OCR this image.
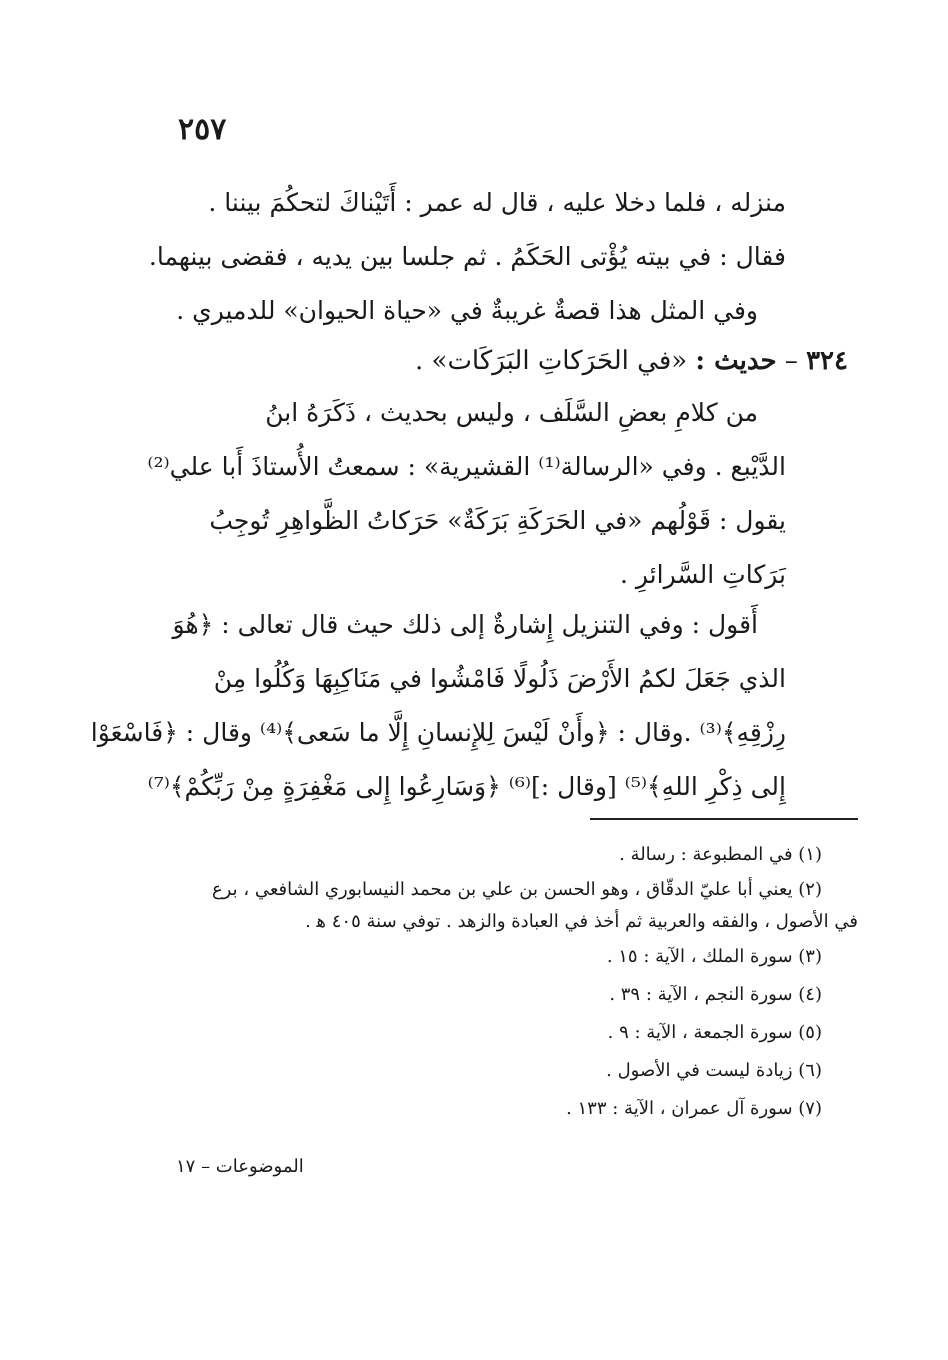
٢٥٧
منزله ، فلما دخلا عليه ، قال له عمر : أَتَيْناكَ لتحكُمَ بيننا .
فقال : في بيته يُؤْتى الحَكَمُ . ثم جلسا بين يديه ، فقضى بينهما.
وفي المثل هذا قصةٌ غريبةٌ في «حياة الحيوان» للدميري .
٣٢٤ – حديث : «في الحَرَكاتِ البَرَكَات» .
من كلامِ بعضِ السَّلَف ، وليس بحديث ، ذَكَرَهُ ابنُ
الدَّيْبع . وفي «الرسالة⁽¹⁾ القشيرية» : سمعتُ الأُستاذَ أَبا علي⁽²⁾
يقول : قَوْلُهم «في الحَرَكَةِ بَرَكَةٌ» حَرَكاتُ الظَّواهِرِ تُوجِبُ
بَرَكاتِ السَّرائرِ .
أَقول : وفي التنزيل إِشارةٌ إلى ذلك حيث قال تعالى : ﴿هُوَ
الذي جَعَلَ لكمُ الأَرْضَ ذَلُولًا فَامْشُوا في مَنَاكِبِهَا وَكُلُوا مِنْ
رِزْقِهِ﴾⁽³⁾ .وقال : ﴿وأَنْ لَيْسَ لِلإِنسانِ إِلَّا ما سَعى﴾⁽⁴⁾ وقال : ﴿فَاسْعَوْا
إِلى ذِكْرِ اللهِ﴾⁽⁵⁾ [وقال :]⁽⁶⁾ ﴿وَسَارِعُوا إِلى مَغْفِرَةٍ مِنْ رَبِّكُمْ﴾⁽⁷⁾
(١) في المطبوعة : رسالة .
(٢) يعني أبا عليّ الدقّاق ، وهو الحسن بن علي بن محمد النيسابوري الشافعي ، برع
في الأصول ، والفقه والعربية ثم أخذ في العبادة والزهد . توفي سنة ٤٠٥ ﻫ .
(٣) سورة الملك ، الآية : ١٥ .
(٤) سورة النجم ، الآية : ٣٩ .
(٥) سورة الجمعة ، الآية : ٩ .
(٦) زيادة ليست في الأصول .
(٧) سورة آل عمران ، الآية : ١٣٣ .
الموضوعات – ١٧
